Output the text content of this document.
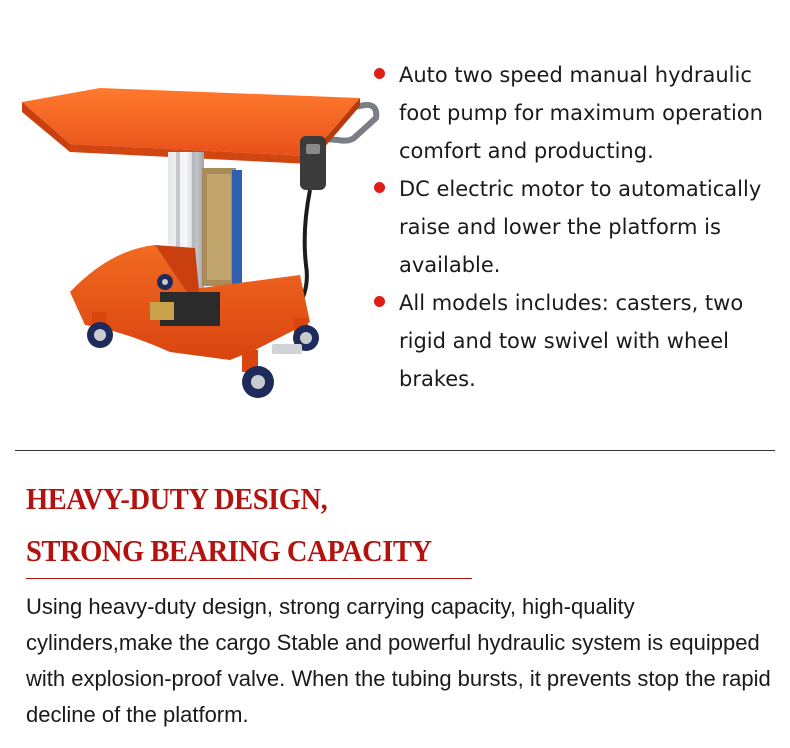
Auto two speed manual hydraulic foot pump for maximum operation comfort and producting.
DC electric motor to automatically raise and lower the platform is available.
All models includes: casters, two rigid and tow swivel with wheel brakes.
HEAVY-DUTY DESIGN,
STRONG BEARING CAPACITY

Using heavy-duty design, strong carrying capacity, high-quality cylinders,make the cargo Stable and powerful hydraulic system is equipped with explosion-proof valve. When the tubing bursts, it prevents stop the rapid decline of the platform.
